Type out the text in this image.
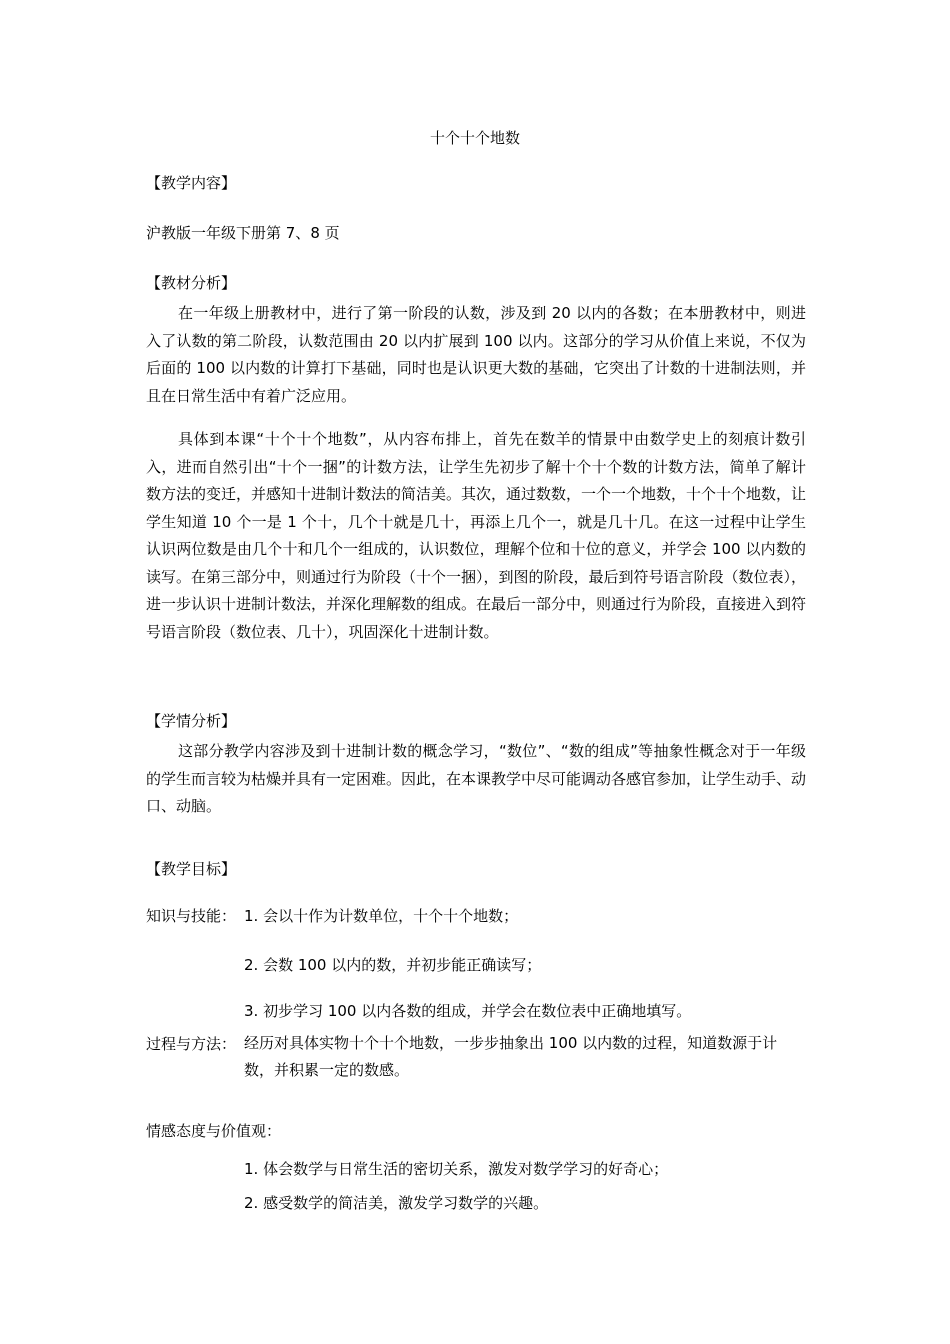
十个十个地数
【教学内容】
沪教版一年级下册第 7、8 页
【教材分析】
在一年级上册教材中，进行了第一阶段的认数，涉及到 20 以内的各数；在本册教材中，则进入了认数的第二阶段，认数范围由 20 以内扩展到 100 以内。这部分的学习从价值上来说，不仅为后面的 100 以内数的计算打下基础，同时也是认识更大数的基础，它突出了计数的十进制法则，并且在日常生活中有着广泛应用。
具体到本课“十个十个地数”，从内容布排上，首先在数羊的情景中由数学史上的刻痕计数引入，进而自然引出“十个一捆”的计数方法，让学生先初步了解十个十个数的计数方法，简单了解计数方法的变迁，并感知十进制计数法的简洁美。其次，通过数数，一个一个地数，十个十个地数，让学生知道 10 个一是 1 个十，几个十就是几十，再添上几个一，就是几十几。在这一过程中让学生认识两位数是由几个十和几个一组成的，认识数位，理解个位和十位的意义，并学会 100 以内数的读写。在第三部分中，则通过行为阶段（十个一捆），到图的阶段，最后到符号语言阶段（数位表），进一步认识十进制计数法，并深化理解数的组成。在最后一部分中，则通过行为阶段，直接进入到符号语言阶段（数位表、几十），巩固深化十进制计数。
【学情分析】
这部分教学内容涉及到十进制计数的概念学习，“数位”、“数的组成”等抽象性概念对于一年级的学生而言较为枯燥并具有一定困难。因此，在本课教学中尽可能调动各感官参加，让学生动手、动口、动脑。
【教学目标】
知识与技能： 1. 会以十作为计数单位，十个十个地数；
2. 会数 100 以内的数，并初步能正确读写；
3. 初步学习 100 以内各数的组成，并学会在数位表中正确地填写。
过程与方法： 经历对具体实物十个十个地数，一步步抽象出 100 以内数的过程，知道数源于计数，并积累一定的数感。
情感态度与价值观：
1. 体会数学与日常生活的密切关系，激发对数学学习的好奇心；
2. 感受数学的简洁美，激发学习数学的兴趣。
